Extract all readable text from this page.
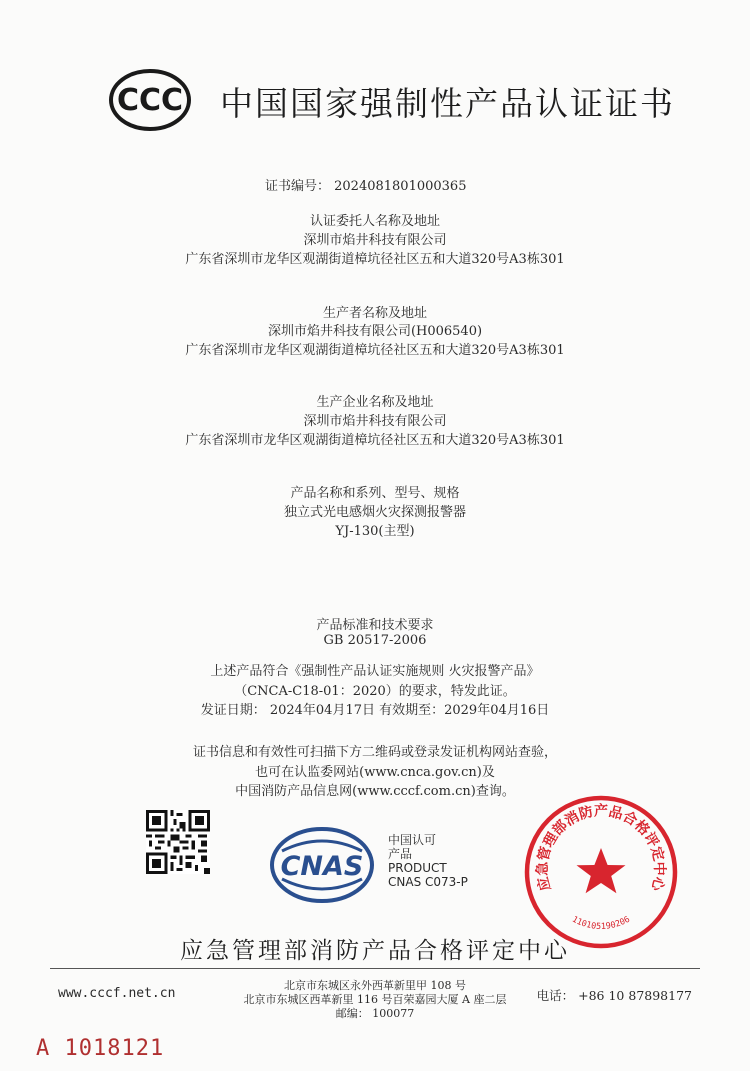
CCC 中国国家强制性产品认证证书
证书编号： 2024081801000365
认证委托人名称及地址
深圳市焰井科技有限公司
广东省深圳市龙华区观湖街道樟坑径社区五和大道320号A3栋301
生产者名称及地址
深圳市焰井科技有限公司(H006540)
广东省深圳市龙华区观湖街道樟坑径社区五和大道320号A3栋301
生产企业名称及地址
深圳市焰井科技有限公司
广东省深圳市龙华区观湖街道樟坑径社区五和大道320号A3栋301
产品名称和系列、型号、规格
独立式光电感烟火灾探测报警器
YJ-130(主型)
产品标准和技术要求
GB 20517-2006
上述产品符合《强制性产品认证实施规则 火灾报警产品》
（CNCA-C18-01：2020）的要求，特发此证。
发证日期： 2024年04月17日 有效期至：2029年04月16日
证书信息和有效性可扫描下方二维码或登录发证机构网站查验，
也可在认监委网站(www.cnca.gov.cn)及
中国消防产品信息网(www.cccf.com.cn)查询。
CNAS
中国认可
产品
PRODUCT
CNAS C073-P	应急管理部消防产品合格评定中心
110105190206
应急管理部消防产品合格评定中心
www.cccf.net.cn
北京市东城区永外西革新里甲 108 号
北京市东城区西革新里 116 号百荣嘉园大厦 A 座二层
邮编： 100077
电话： +86 10 87898177
A 1018121
